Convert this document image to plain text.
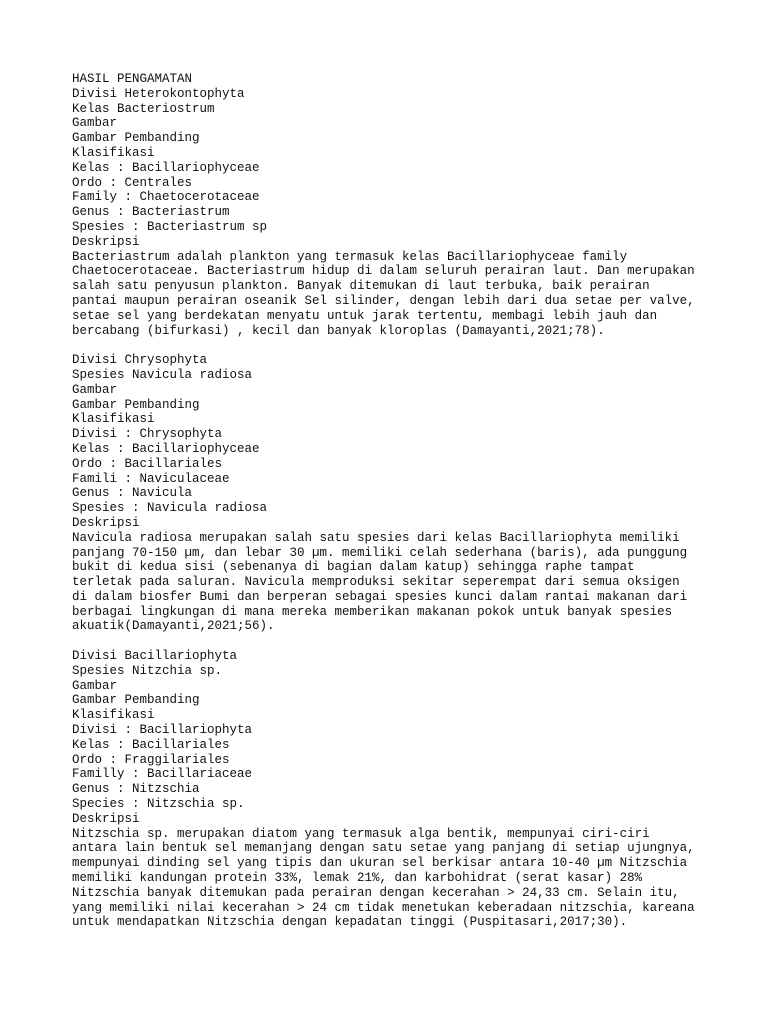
HASIL PENGAMATAN

Divisi Heterokontophyta

Kelas Bacteriostrum

Gambar

Gambar Pembanding

Klasifikasi

Kelas : Bacillariophyceae

Ordo : Centrales

Family : Chaetocerotaceae

Genus : Bacteriastrum

Spesies : Bacteriastrum sp

Deskripsi

Bacteriastrum adalah plankton yang termasuk kelas Bacillariophyceae family

Chaetocerotaceae. Bacteriastrum hidup di dalam seluruh perairan laut. Dan merupakan

salah satu penyusun plankton. Banyak ditemukan di laut terbuka, baik perairan

pantai maupun perairan oseanik Sel silinder, dengan lebih dari dua setae per valve,

setae sel yang berdekatan menyatu untuk jarak tertentu, membagi lebih jauh dan

bercabang (bifurkasi) , kecil dan banyak kloroplas (Damayanti,2021;78).

Divisi Chrysophyta

Spesies Navicula radiosa

Gambar

Gambar Pembanding

Klasifikasi

Divisi : Chrysophyta

Kelas : Bacillariophyceae

Ordo : Bacillariales

Famili : Naviculaceae

Genus : Navicula

Spesies : Navicula radiosa

Deskripsi

Navicula radiosa merupakan salah satu spesies dari kelas Bacillariophyta memiliki

panjang 70-150 µm, dan lebar 30 µm. memiliki celah sederhana (baris), ada punggung

bukit di kedua sisi (sebenanya di bagian dalam katup) sehingga raphe tampat

terletak pada saluran. Navicula memproduksi sekitar seperempat dari semua oksigen

di dalam biosfer Bumi dan berperan sebagai spesies kunci dalam rantai makanan dari

berbagai lingkungan di mana mereka memberikan makanan pokok untuk banyak spesies

akuatik(Damayanti,2021;56).

Divisi Bacillariophyta

Spesies Nitzchia sp.

Gambar

Gambar Pembanding

Klasifikasi

Divisi : Bacillariophyta

Kelas : Bacillariales

Ordo : Fraggilariales

Familly : Bacillariaceae

Genus : Nitzschia

Species : Nitzschia sp.

Deskripsi

Nitzschia sp. merupakan diatom yang termasuk alga bentik, mempunyai ciri-ciri

antara lain bentuk sel memanjang dengan satu setae yang panjang di setiap ujungnya,

mempunyai dinding sel yang tipis dan ukuran sel berkisar antara 10-40 µm Nitzschia

memiliki kandungan protein 33%, lemak 21%, dan karbohidrat (serat kasar) 28%

Nitzschia banyak ditemukan pada perairan dengan kecerahan > 24,33 cm. Selain itu,

yang memiliki nilai kecerahan > 24 cm tidak menetukan keberadaan nitzschia, kareana

untuk mendapatkan Nitzschia dengan kepadatan tinggi (Puspitasari,2017;30).
